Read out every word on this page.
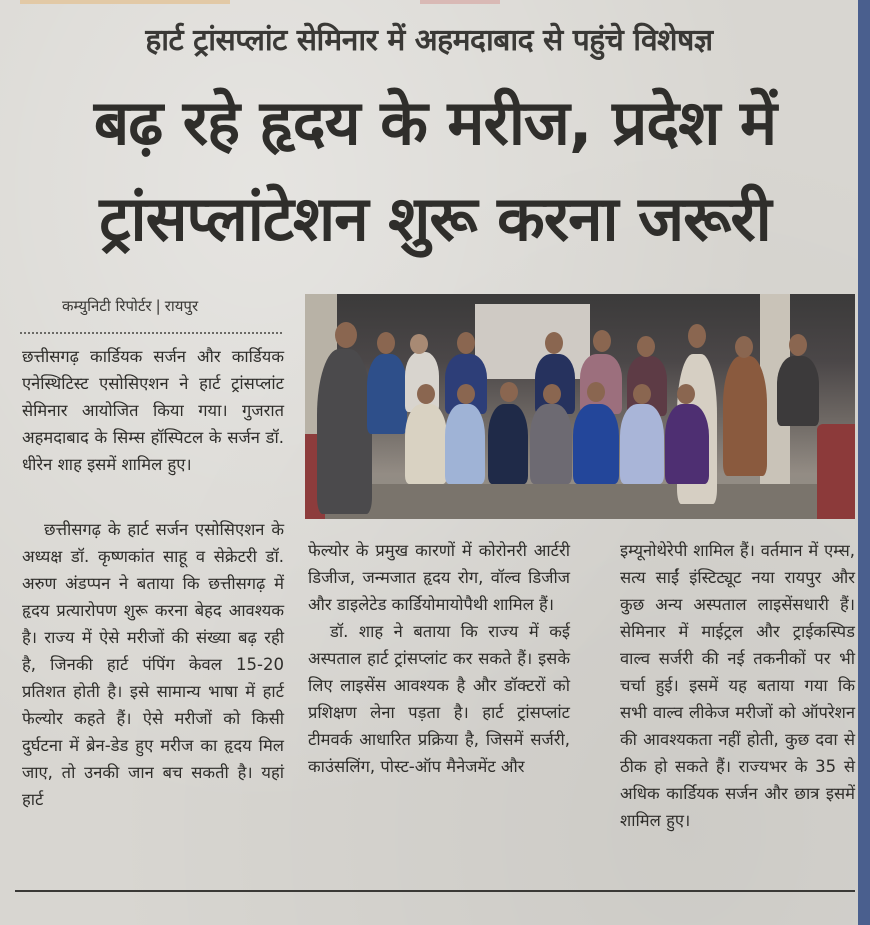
हार्ट ट्रांसप्लांट सेमिनार में अहमदाबाद से पहुंचे विशेषज्ञ
बढ़ रहे हृदय के मरीज, प्रदेश में
ट्रांसप्लांटेशन शुरू करना जरूरी
कम्युनिटी रिपोर्टर | रायपुर

छत्तीसगढ़ कार्डियक सर्जन और कार्डियक एनेस्थिटिस्ट एसोसिएशन ने हार्ट ट्रांसप्लांट सेमिनार आयोजित किया गया। गुजरात अहमदाबाद के सिम्स हॉस्पिटल के सर्जन डॉ. धीरेन शाह इसमें शामिल हुए।

छत्तीसगढ़ के हार्ट सर्जन एसोसिएशन के अध्यक्ष डॉ. कृष्णकांत साहू व सेक्रेटरी डॉ. अरुण अंडप्पन ने बताया कि छत्तीसगढ़ में हृदय प्रत्यारोपण शुरू करना बेहद आवश्यक है। राज्य में ऐसे मरीजों की संख्या बढ़ रही है, जिनकी हार्ट पंपिंग केवल 15-20 प्रतिशत होती है। इसे सामान्य भाषा में हार्ट फेल्योर कहते हैं। ऐसे मरीजों को किसी दुर्घटना में ब्रेन-डेड हुए मरीज का हृदय मिल जाए, तो उनकी जान बच सकती है। यहां हार्ट

फेल्योर के प्रमुख कारणों में कोरोनरी आर्टरी डिजीज, जन्मजात हृदय रोग, वॉल्व डिजीज और डाइलेटेड कार्डियोमायोपैथी शामिल हैं।

डॉ. शाह ने बताया कि राज्य में कई अस्पताल हार्ट ट्रांसप्लांट कर सकते हैं। इसके लिए लाइसेंस आवश्यक है और डॉक्टरों को प्रशिक्षण लेना पड़ता है। हार्ट ट्रांसप्लांट टीमवर्क आधारित प्रक्रिया है, जिसमें सर्जरी, काउंसलिंग, पोस्ट-ऑप मैनेजमेंट और

इम्यूनोथेरेपी शामिल हैं। वर्तमान में एम्स, सत्य साईं इंस्टिट्यूट नया रायपुर और कुछ अन्य अस्पताल लाइसेंसधारी हैं। सेमिनार में माईट्रल और ट्राईकस्पिड वाल्व सर्जरी की नई तकनीकों पर भी चर्चा हुई। इसमें यह बताया गया कि सभी वाल्व लीकेज मरीजों को ऑपरेशन की आवश्यकता नहीं होती, कुछ दवा से ठीक हो सकते हैं। राज्यभर के 35 से अधिक कार्डियक सर्जन और छात्र इसमें शामिल हुए।
